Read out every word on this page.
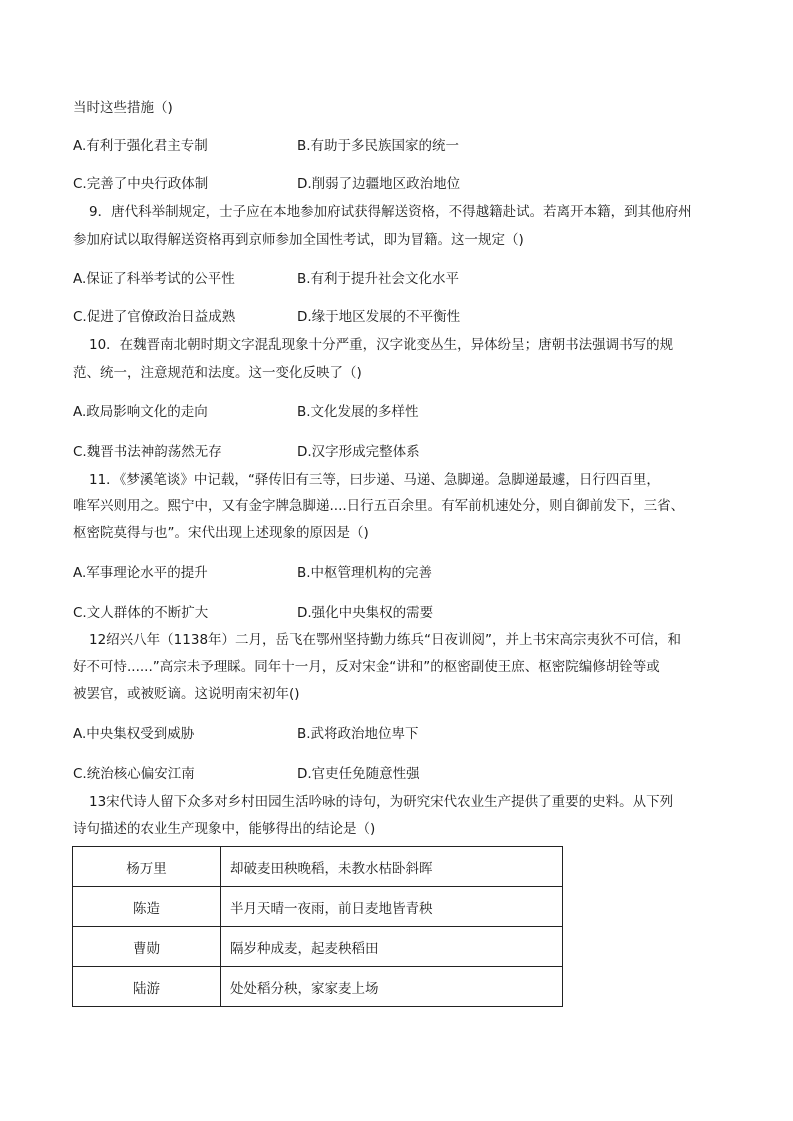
当时这些措施（)
A.有利于强化君主专制	B.有助于多民族国家的统一
C.完善了中央行政体制	D.削弱了边疆地区政治地位
9．唐代科举制规定，士子应在本地参加府试获得解送资格，不得越籍赴试。若离开本籍，到其他府州
参加府试以取得解送资格再到京师参加全国性考试，即为冒籍。这一规定（)
A.保证了科举考试的公平性	B.有利于提升社会文化水平
C.促进了官僚政治日益成熟	D.缘于地区发展的不平衡性
10．在魏晋南北朝时期文字混乱现象十分严重，汉字讹变丛生，异体纷呈；唐朝书法强调书写的规
范、统一，注意规范和法度。这一变化反映了（)
A.政局影响文化的走向	B.文化发展的多样性
C.魏晋书法神韵荡然无存	D.汉字形成完整体系
11．《梦溪笔谈》中记载，“驿传旧有三等，曰步递、马递、急脚递。急脚递最遽，日行四百里，
唯军兴则用之。熙宁中，又有金字牌急脚递....日行五百余里。有军前机速处分，则自御前发下，三省、
枢密院莫得与也”。宋代出现上述现象的原因是（)
A.军事理论水平的提升	B.中枢管理机构的完善
C.文人群体的不断扩大	D.强化中央集权的需要
12绍兴八年（1138年）二月，岳飞在鄂州坚持勤力练兵“日夜训阅”，并上书宋高宗夷狄不可信，和
好不可恃......”高宗未予理睬。同年十一月，反对宋金“讲和”的枢密副使王庶、枢密院编修胡铨等或
被罢官，或被贬谪。这说明南宋初年()
A.中央集权受到威胁	B.武将政治地位卑下
C.统治核心偏安江南	D.官吏任免随意性强
13宋代诗人留下众多对乡村田园生活吟咏的诗句，为研究宋代农业生产提供了重要的史料。从下列
诗句描述的农业生产现象中，能够得出的结论是（)
杨万里	却破麦田秧晚稻，未教水枯卧斜晖
陈造	半月天晴一夜雨，前日麦地皆青秧
曹勋	隔岁种成麦，起麦秧稻田
陆游	处处稻分秧，家家麦上场
